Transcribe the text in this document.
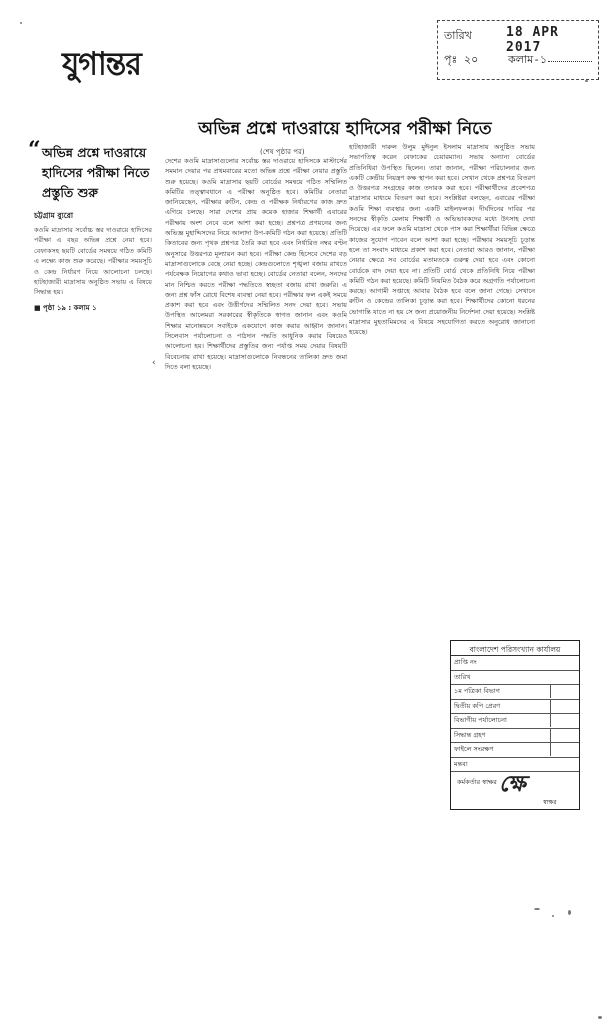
যুগান্তর
তারিখ	18 APR 2017
পৃঃ ২০	কলাম-১
অভিন্ন প্রশ্নে দাওরায়ে হাদিসের পরীক্ষা নিতে
(শেষ পৃষ্ঠার পর)
“ অভিন্ন প্রশ্নে দাওরায়ে হাদিসের পরীক্ষা নিতে প্রস্তুতি শুরু
চট্টগ্রাম ব্যুরো
কওমি মাদ্রাসার সর্বোচ্চ স্তর দাওরায়ে হাদিসের পরীক্ষা এ বছর অভিন্ন প্রশ্নে নেয়া হবে। বেফাকসহ ছয়টি বোর্ডের সমন্বয়ে গঠিত কমিটি এ লক্ষ্যে কাজ শুরু করেছে। পরীক্ষার সময়সূচি ও কেন্দ্র নির্ধারণ নিয়ে আলোচনা চলছে। হাটহাজারী মাদ্রাসায় অনুষ্ঠিত সভায় এ বিষয়ে সিদ্ধান্ত হয়।
■ পৃষ্ঠা ১৯ : কলাম ১
‹
দেশের কওমি মাদ্রাসাগুলোর সর্বোচ্চ স্তর দাওরায়ে হাদিসকে মাস্টার্সের সমমান দেয়ার পর প্রথমবারের মতো অভিন্ন প্রশ্নে পরীক্ষা নেয়ার প্রস্তুতি শুরু হয়েছে। কওমি মাদ্রাসার ছয়টি বোর্ডের সমন্বয়ে গঠিত সম্মিলিত কমিটির তত্ত্বাবধানে এ পরীক্ষা অনুষ্ঠিত হবে। কমিটির নেতারা জানিয়েছেন, পরীক্ষার রুটিন, কেন্দ্র ও পরীক্ষক নির্ধারণের কাজ দ্রুত এগিয়ে চলছে। সারা দেশের প্রায় কয়েক হাজার শিক্ষার্থী এবারের পরীক্ষায় অংশ নেবে বলে আশা করা হচ্ছে। প্রশ্নপত্র প্রণয়নের জন্য অভিজ্ঞ মুহাদ্দিসদের নিয়ে আলাদা উপ-কমিটি গঠন করা হয়েছে। প্রতিটি কিতাবের জন্য পৃথক প্রশ্নপত্র তৈরি করা হবে এবং নির্ধারিত নম্বর বণ্টন অনুসারে উত্তরপত্র মূল্যায়ন করা হবে। পরীক্ষা কেন্দ্র হিসেবে দেশের বড় মাদ্রাসাগুলোকে বেছে নেয়া হচ্ছে। কেন্দ্রগুলোতে শৃঙ্খলা বজায় রাখতে পর্যবেক্ষক নিয়োগের কথাও ভাবা হচ্ছে। বোর্ডের নেতারা বলেন, সনদের মান নিশ্চিত করতে পরীক্ষা পদ্ধতিতে স্বচ্ছতা বজায় রাখা জরুরি। এ জন্য প্রশ্ন ফাঁস রোধে বিশেষ ব্যবস্থা নেয়া হবে। পরীক্ষার ফল একই সময়ে প্রকাশ করা হবে এবং উত্তীর্ণদের সম্মিলিত সনদ দেয়া হবে। সভায় উপস্থিত আলেমরা সরকারের স্বীকৃতিকে স্বাগত জানান এবং কওমি শিক্ষার মানোন্নয়নে সবাইকে একযোগে কাজ করার আহ্বান জানান। সিলেবাস পর্যালোচনা ও পাঠদান পদ্ধতি আধুনিক করার বিষয়েও আলোচনা হয়। শিক্ষার্থীদের প্রস্তুতির জন্য পর্যাপ্ত সময় দেয়ার বিষয়টি বিবেচনায় রাখা হয়েছে। মাদ্রাসাগুলোকে নিবন্ধনের তালিকা দ্রুত জমা দিতে বলা হয়েছে।
হাটহাজারী দারুল উলুম মুঈনুল ইসলাম মাদ্রাসায় অনুষ্ঠিত সভায় সভাপতিত্ব করেন বেফাকের চেয়ারম্যান। সভায় অন্যান্য বোর্ডের প্রতিনিধিরা উপস্থিত ছিলেন। তারা জানান, পরীক্ষা পরিচালনার জন্য একটি কেন্দ্রীয় নিয়ন্ত্রণ কক্ষ স্থাপন করা হবে। সেখান থেকে প্রশ্নপত্র বিতরণ ও উত্তরপত্র সংগ্রহের কাজ তদারক করা হবে। পরীক্ষার্থীদের প্রবেশপত্র মাদ্রাসার মাধ্যমে বিতরণ করা হবে। সংশ্লিষ্টরা বলছেন, এবারের পরীক্ষা কওমি শিক্ষা ব্যবস্থার জন্য একটি মাইলফলক। দীর্ঘদিনের দাবির পর সনদের স্বীকৃতি মেলায় শিক্ষার্থী ও অভিভাবকদের মধ্যে উৎসাহ দেখা দিয়েছে। এর ফলে কওমি মাদ্রাসা থেকে পাস করা শিক্ষার্থীরা বিভিন্ন ক্ষেত্রে কাজের সুযোগ পাবেন বলে আশা করা হচ্ছে। পরীক্ষার সময়সূচি চূড়ান্ত হলে তা সংবাদ মাধ্যমে প্রকাশ করা হবে। নেতারা আরও জানান, পরীক্ষা নেয়ার ক্ষেত্রে সব বোর্ডের মতামতকে গুরুত্ব দেয়া হবে এবং কোনো বোর্ডকে বাদ দেয়া হবে না। প্রতিটি বোর্ড থেকে প্রতিনিধি নিয়ে পরীক্ষা কমিটি গঠন করা হয়েছে। কমিটি নিয়মিত বৈঠক করে অগ্রগতি পর্যালোচনা করছে। আগামী সপ্তাহে আবার বৈঠক হবে বলে জানা গেছে। সেখানে রুটিন ও কেন্দ্রের তালিকা চূড়ান্ত করা হবে। শিক্ষার্থীদের কোনো ধরনের ভোগান্তি যাতে না হয় সে জন্য প্রয়োজনীয় নির্দেশনা দেয়া হয়েছে। সংশ্লিষ্ট মাদ্রাসার মুহতামিমদের এ বিষয়ে সহযোগিতা করতে অনুরোধ জানানো হয়েছে।
বাংলাদেশ পরিসংখ্যান কার্যালয়
প্রাপ্তি নং
তারিখ
১ম পত্রিকা বিভাগ
দ্বিতীয় কপি প্রেরণ
বিভাগীয় পর্যালোচনা
সিদ্ধান্ত গ্রহণ
ফাইলে সংরক্ষণ
মন্তব্য
কর্মকর্তার স্বাক্ষর ক্ষে
স্বাক্ষর
